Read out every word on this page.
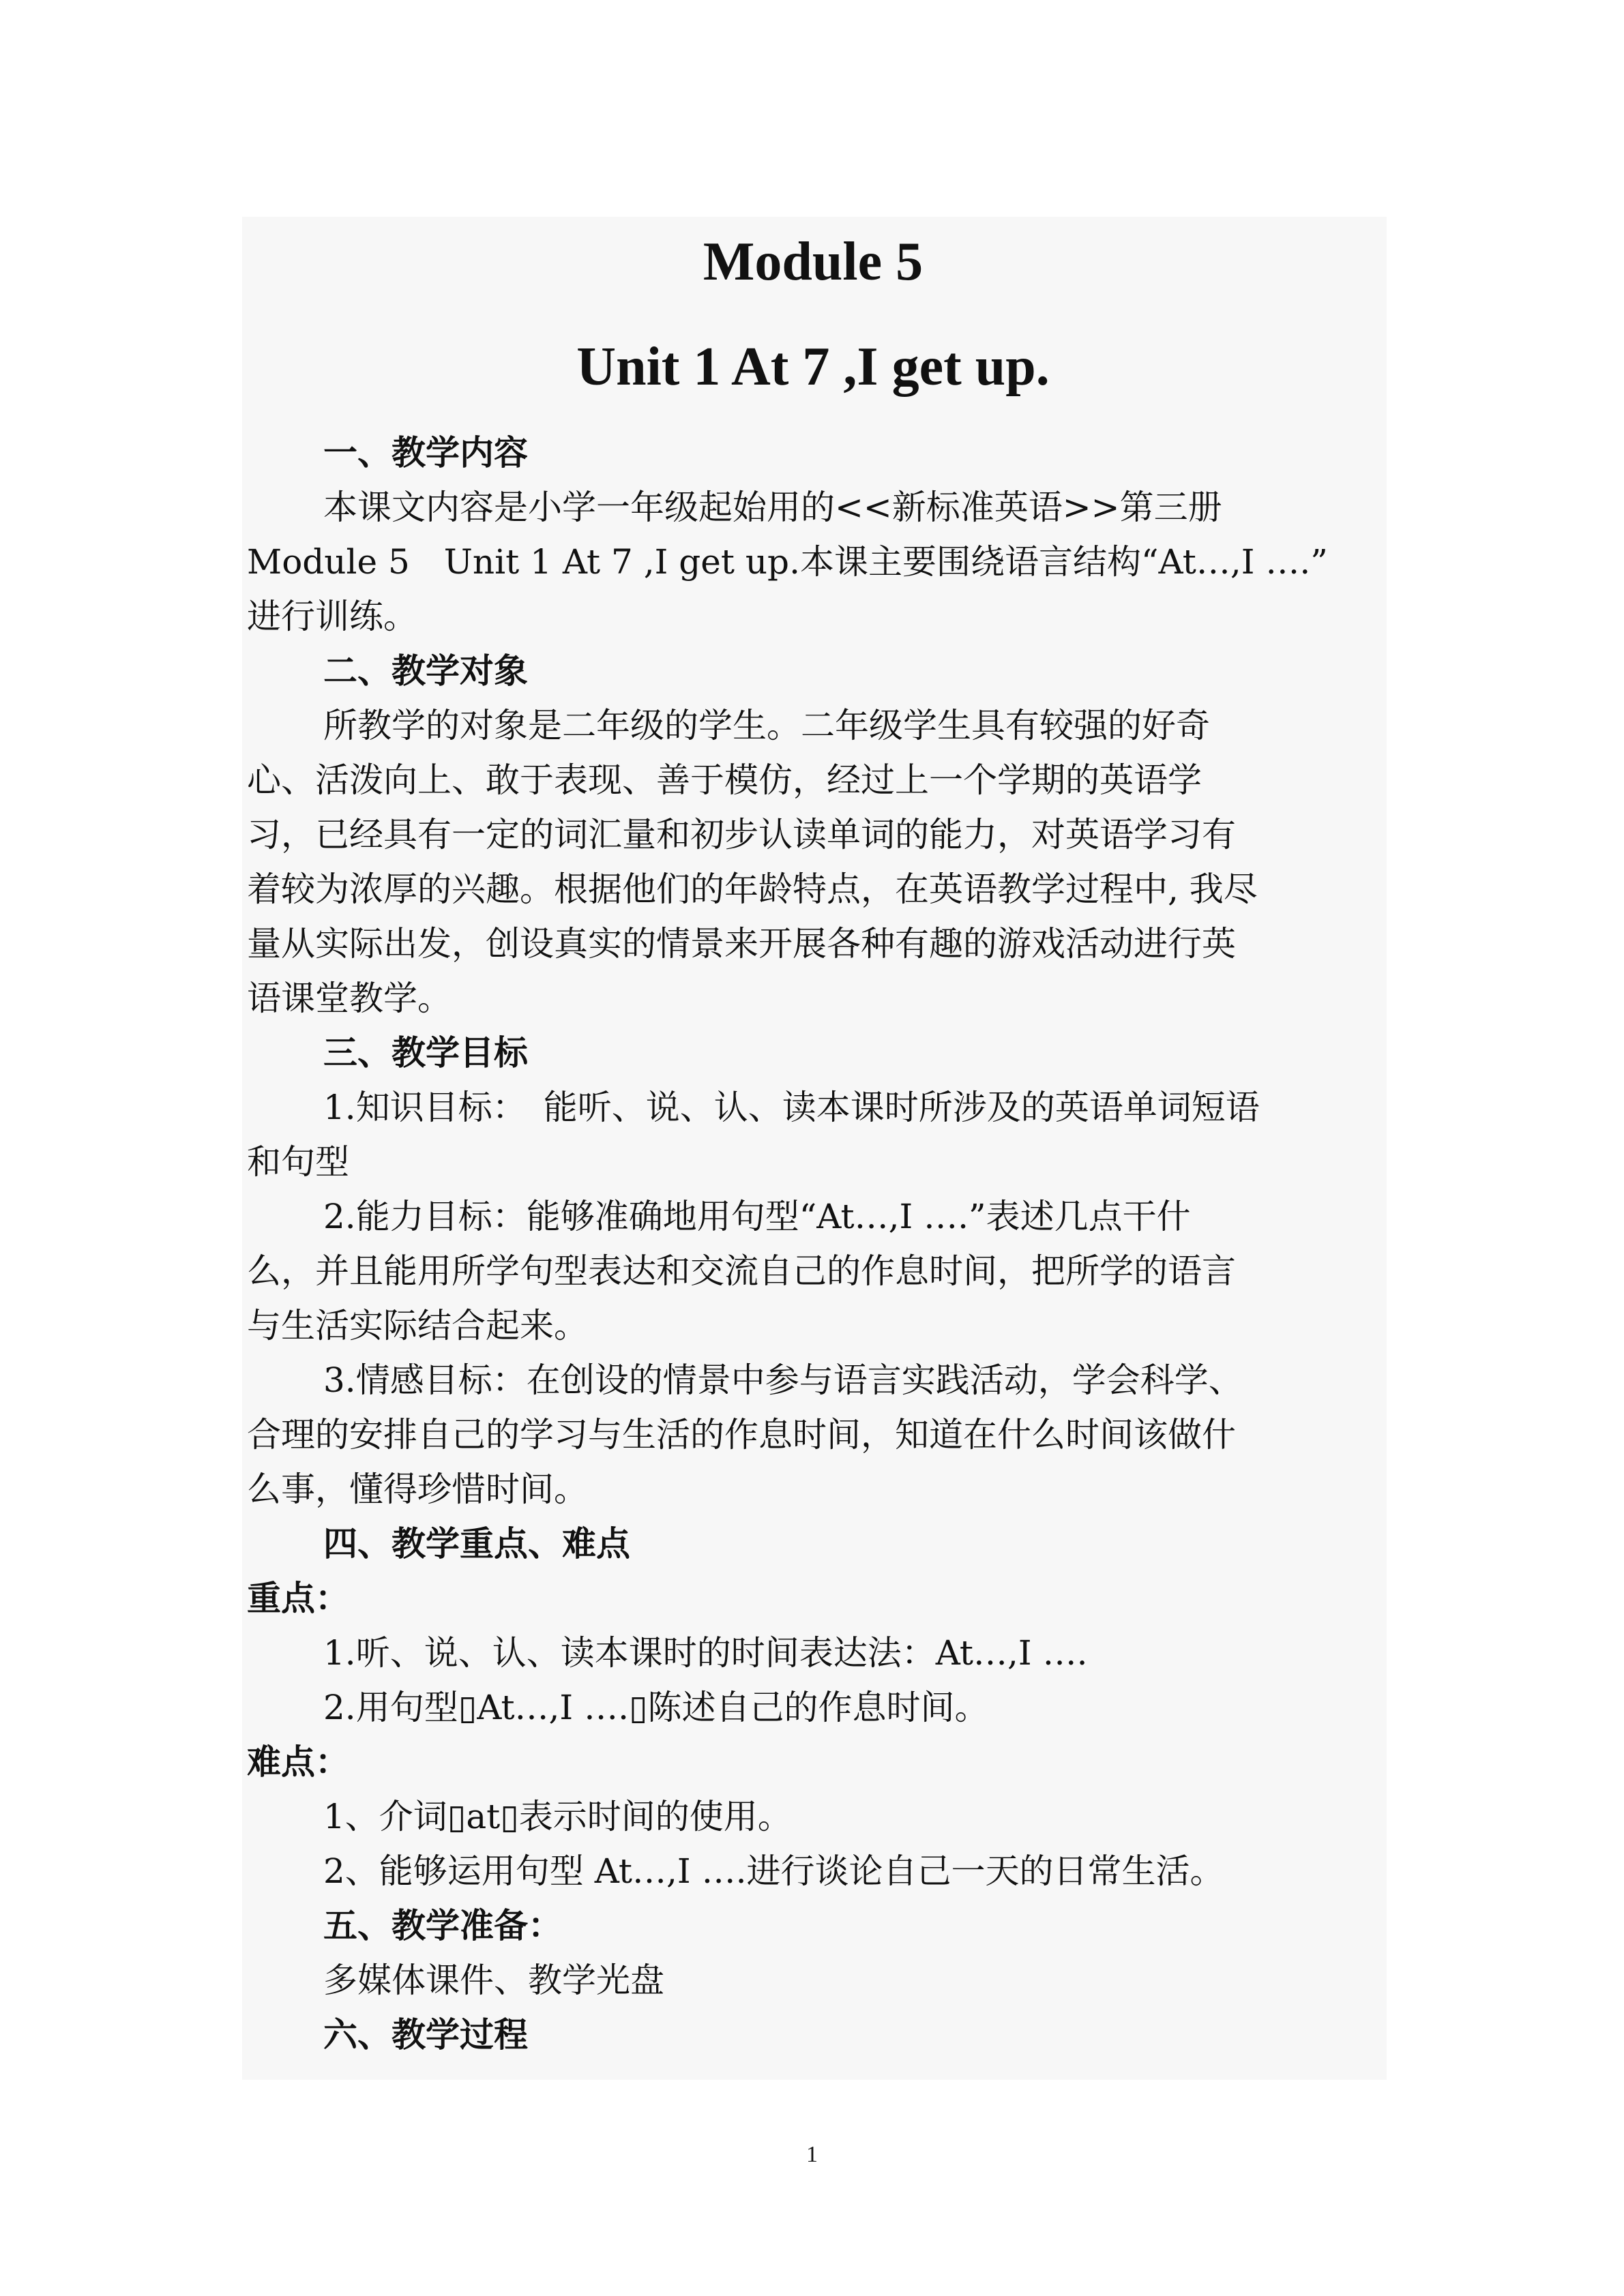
Module 5
Unit 1 At 7 ,I get up.
一、教学内容
本课文内容是小学一年级起始用的<<新标准英语>>第三册
Module 5　Unit 1 At 7 ,I get up.本课主要围绕语言结构“At…,I ….”
进行训练。
二、教学对象
所教学的对象是二年级的学生。二年级学生具有较强的好奇
心、活泼向上、敢于表现、善于模仿，经过上一个学期的英语学
习，已经具有一定的词汇量和初步认读单词的能力，对英语学习有
着较为浓厚的兴趣。根据他们的年龄特点，在英语教学过程中, 我尽
量从实际出发，创设真实的情景来开展各种有趣的游戏活动进行英
语课堂教学。
三、教学目标
1.知识目标：　能听、说、认、读本课时所涉及的英语单词短语
和句型
2.能力目标：能够准确地用句型“At…,I ….”表述几点干什
么，并且能用所学句型表达和交流自己的作息时间，把所学的语言
与生活实际结合起来。
3.情感目标：在创设的情景中参与语言实践活动，学会科学、
合理的安排自己的学习与生活的作息时间，知道在什么时间该做什
么事，懂得珍惜时间。
四、教学重点、难点
重点：
1.听、说、认、读本课时的时间表达法：At…,I ….
2.用句型▯At…,I ….▯陈述自己的作息时间。
难点：
1、介词▯at▯表示时间的使用。
2、能够运用句型 At…,I ….进行谈论自己一天的日常生活。
五、教学准备：
多媒体课件、教学光盘
六、教学过程
1
